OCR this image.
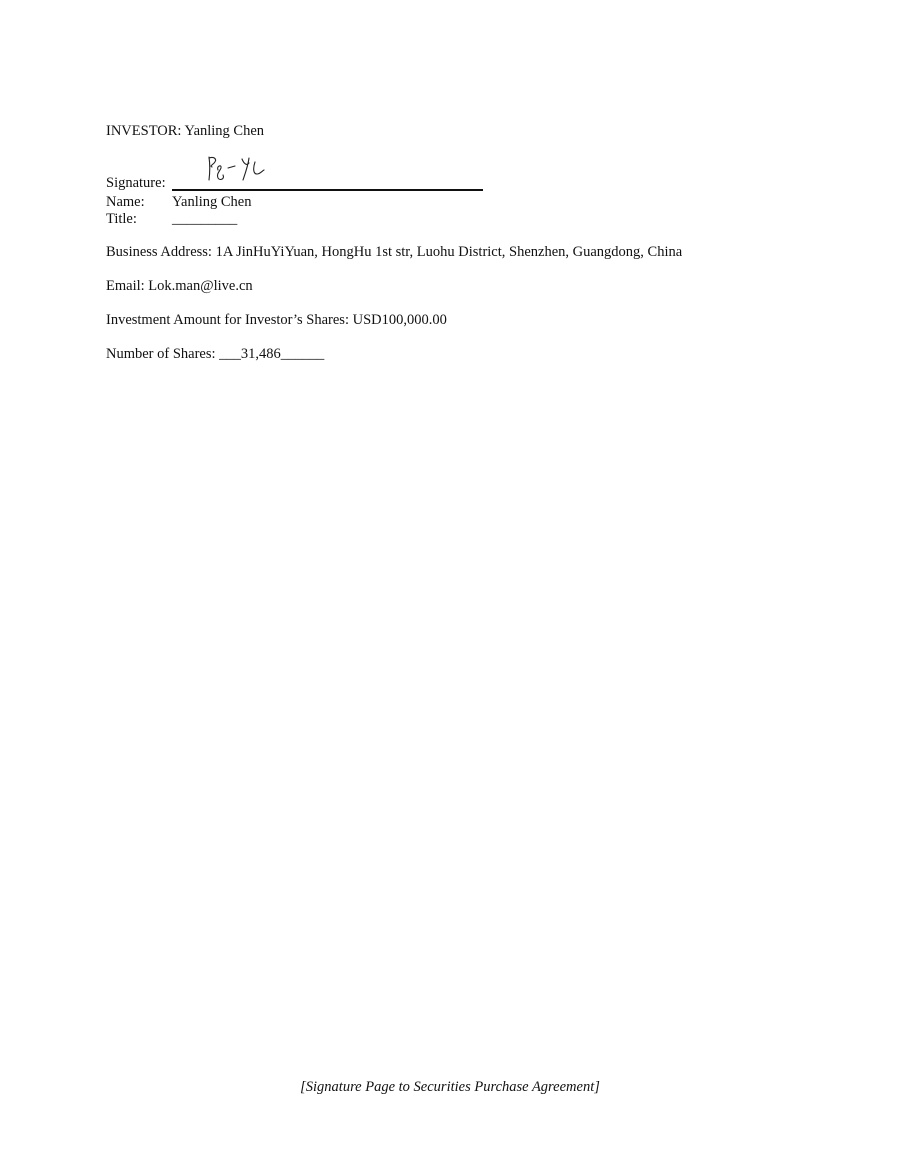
INVESTOR: Yanling Chen
Signature:
Name: Yanling Chen
Title: _________
Business Address: 1A JinHuYiYuan, HongHu 1st str, Luohu District, Shenzhen, Guangdong, China
Email: Lok.man@live.cn
Investment Amount for Investor’s Shares: USD100,000.00
Number of Shares: ___31,486______
[Signature Page to Securities Purchase Agreement]
